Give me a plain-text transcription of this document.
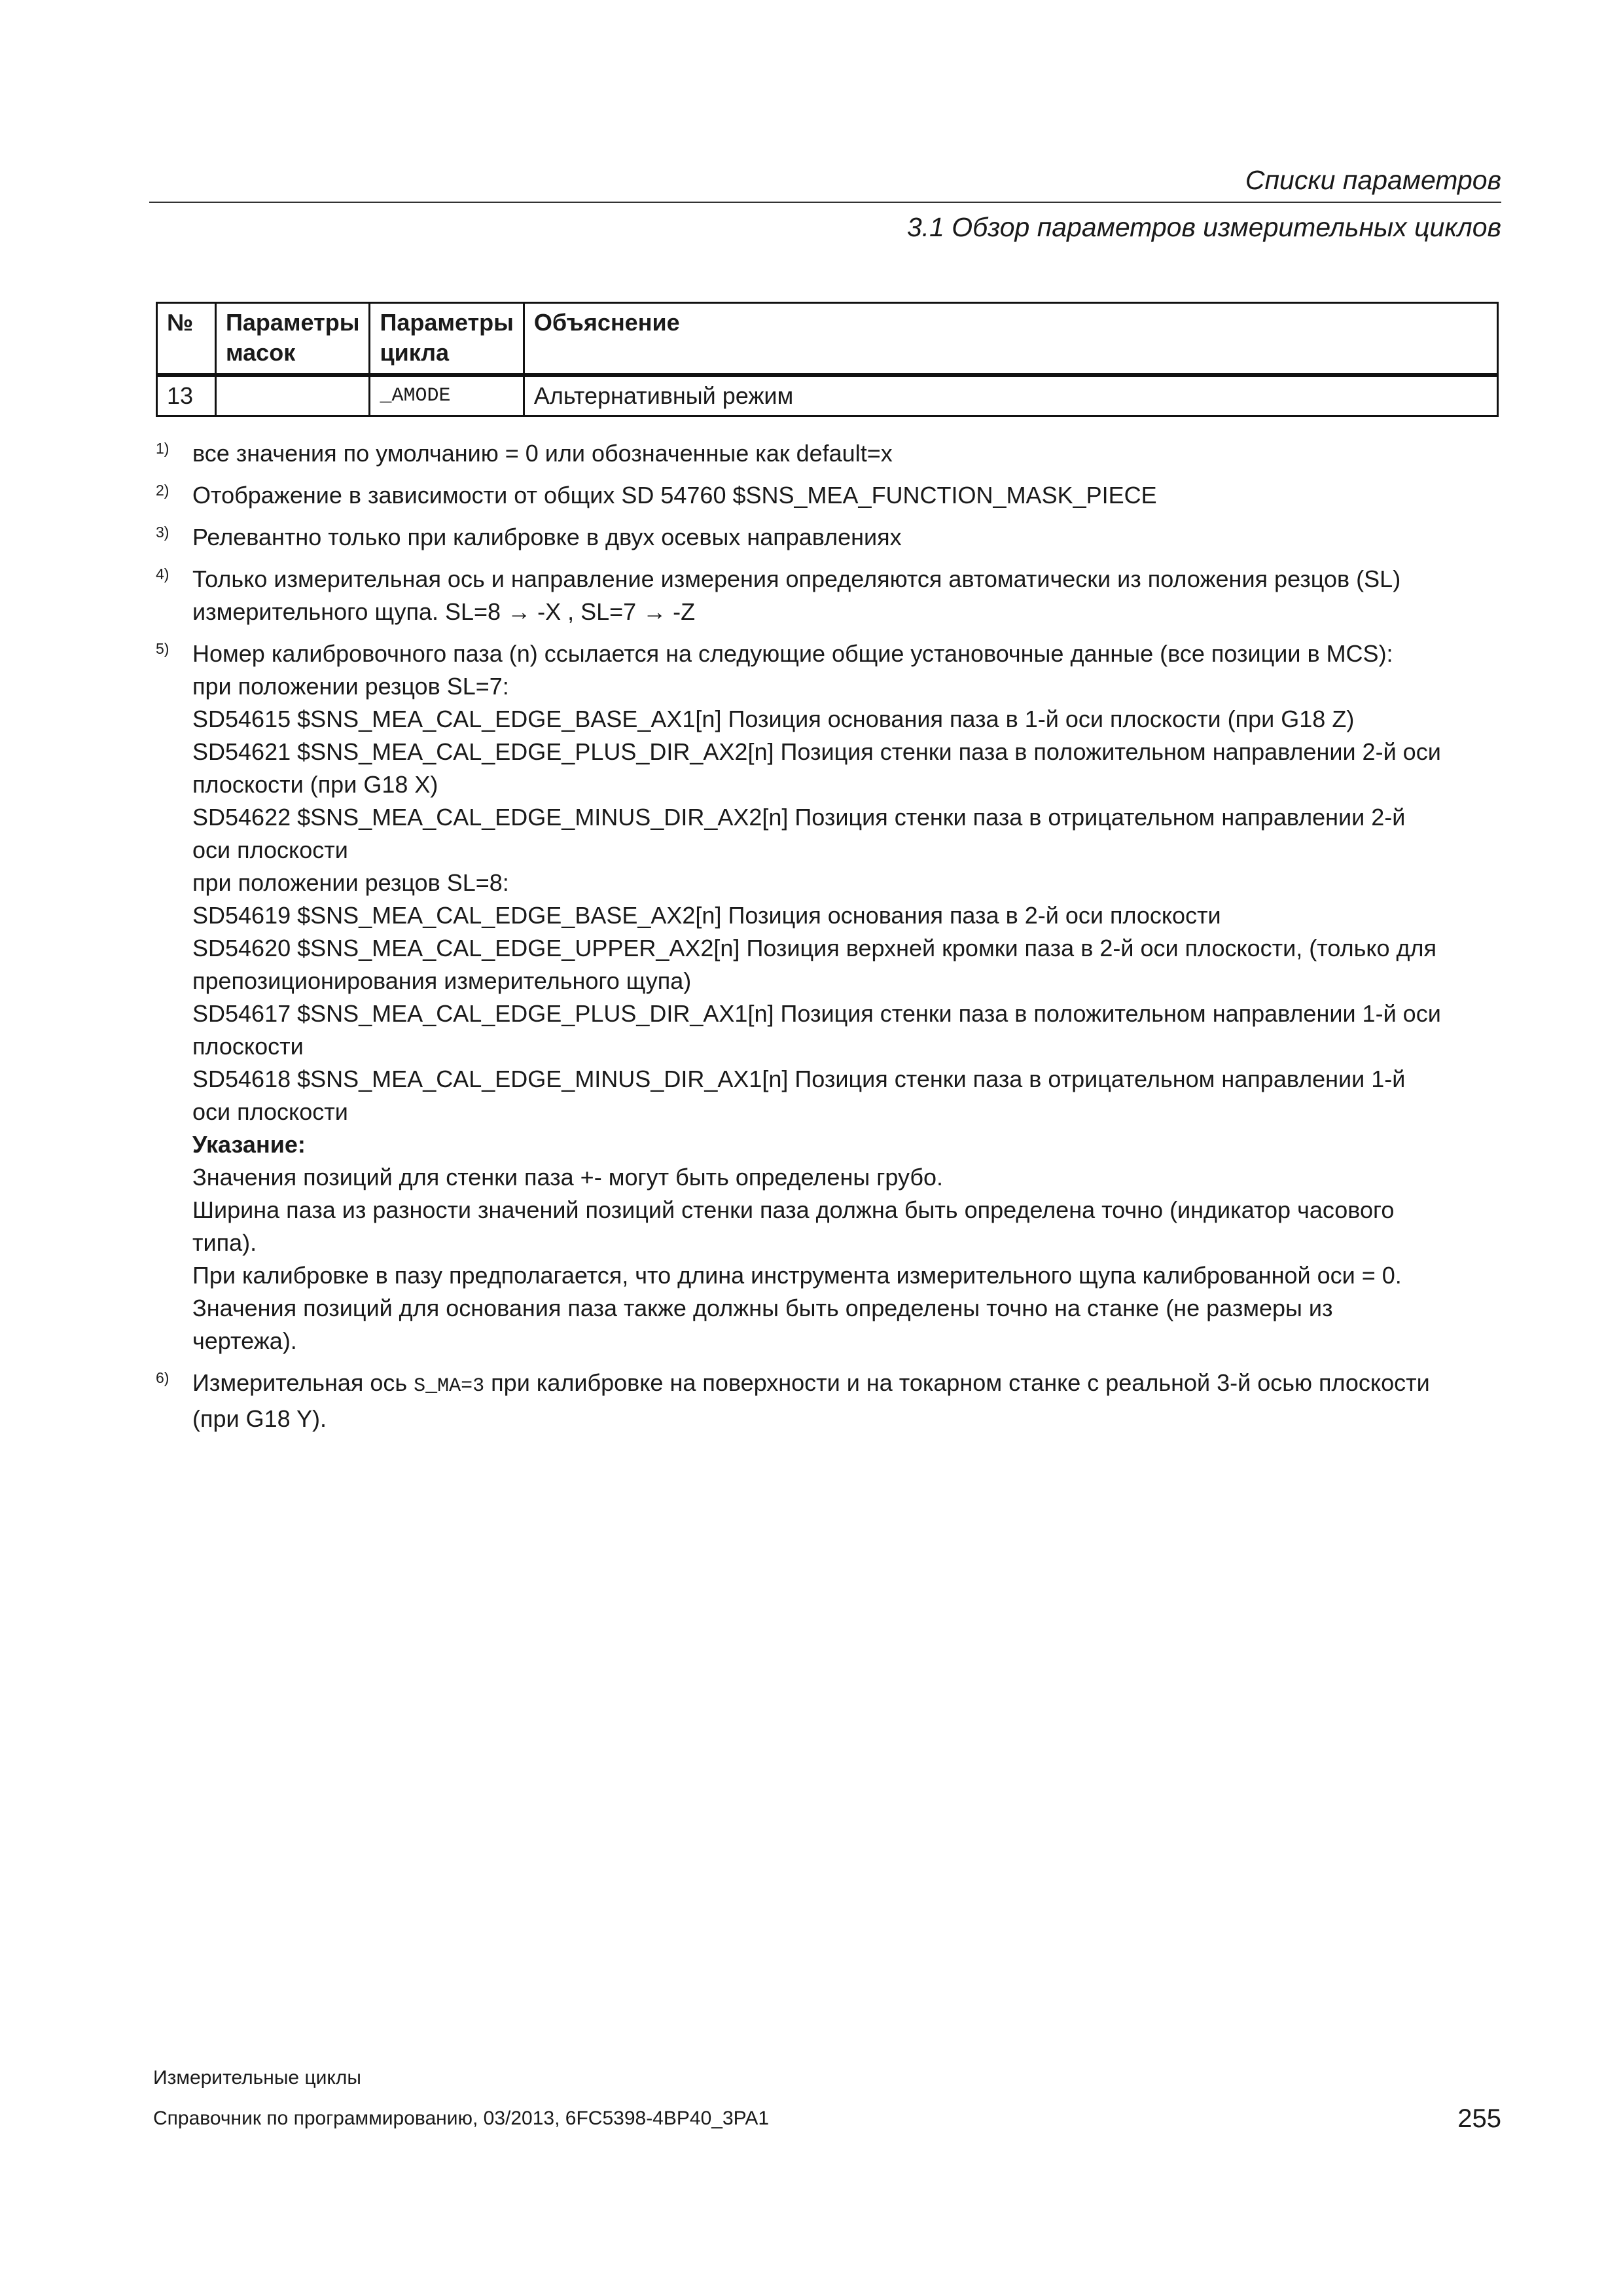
Списки параметров
3.1 Обзор параметров измерительных циклов
№	Параметры масок	Параметры цикла	Объяснение
13		_AMODE	Альтернативный режим
1) все значения по умолчанию = 0 или обозначенные как default=x
2) Отображение в зависимости от общих SD 54760 $SNS_MEA_FUNCTION_MASK_PIECE
3) Релевантно только при калибровке в двух осевых направлениях
4) Только измерительная ось и направление измерения определяются автоматически из положения резцов (SL)
измерительного щупа. SL=8 → -X , SL=7 → -Z
5) Номер калибровочного паза (n) ссылается на следующие общие установочные данные (все позиции в MCS):
при положении резцов SL=7:
SD54615 $SNS_MEA_CAL_EDGE_BASE_AX1[n] Позиция основания паза в 1-й оси плоскости (при G18 Z)
SD54621 $SNS_MEA_CAL_EDGE_PLUS_DIR_AX2[n] Позиция стенки паза в положительном направлении 2-й оси
плоскости (при G18 X)
SD54622 $SNS_MEA_CAL_EDGE_MINUS_DIR_AX2[n] Позиция стенки паза в отрицательном направлении 2-й
оси плоскости
при положении резцов SL=8:
SD54619 $SNS_MEA_CAL_EDGE_BASE_AX2[n] Позиция основания паза в 2-й оси плоскости
SD54620 $SNS_MEA_CAL_EDGE_UPPER_AX2[n] Позиция верхней кромки паза в 2-й оси плоскости, (только для
препозиционирования измерительного щупа)
SD54617 $SNS_MEA_CAL_EDGE_PLUS_DIR_AX1[n] Позиция стенки паза в положительном направлении 1-й оси
плоскости
SD54618 $SNS_MEA_CAL_EDGE_MINUS_DIR_AX1[n] Позиция стенки паза в отрицательном направлении 1-й
оси плоскости
Указание:
Значения позиций для стенки паза +- могут быть определены грубо.
Ширина паза из разности значений позиций стенки паза должна быть определена точно (индикатор часового
типа).
При калибровке в пазу предполагается, что длина инструмента измерительного щупа калиброванной оси = 0.
Значения позиций для основания паза также должны быть определены точно на станке (не размеры из
чертежа).
6) Измерительная ось S_MA=3 при калибровке на поверхности и на токарном станке с реальной 3-й осью плоскости
(при G18 Y).
Измерительные циклы
Справочник по программированию, 03/2013, 6FC5398-4BP40_3PA1	255
